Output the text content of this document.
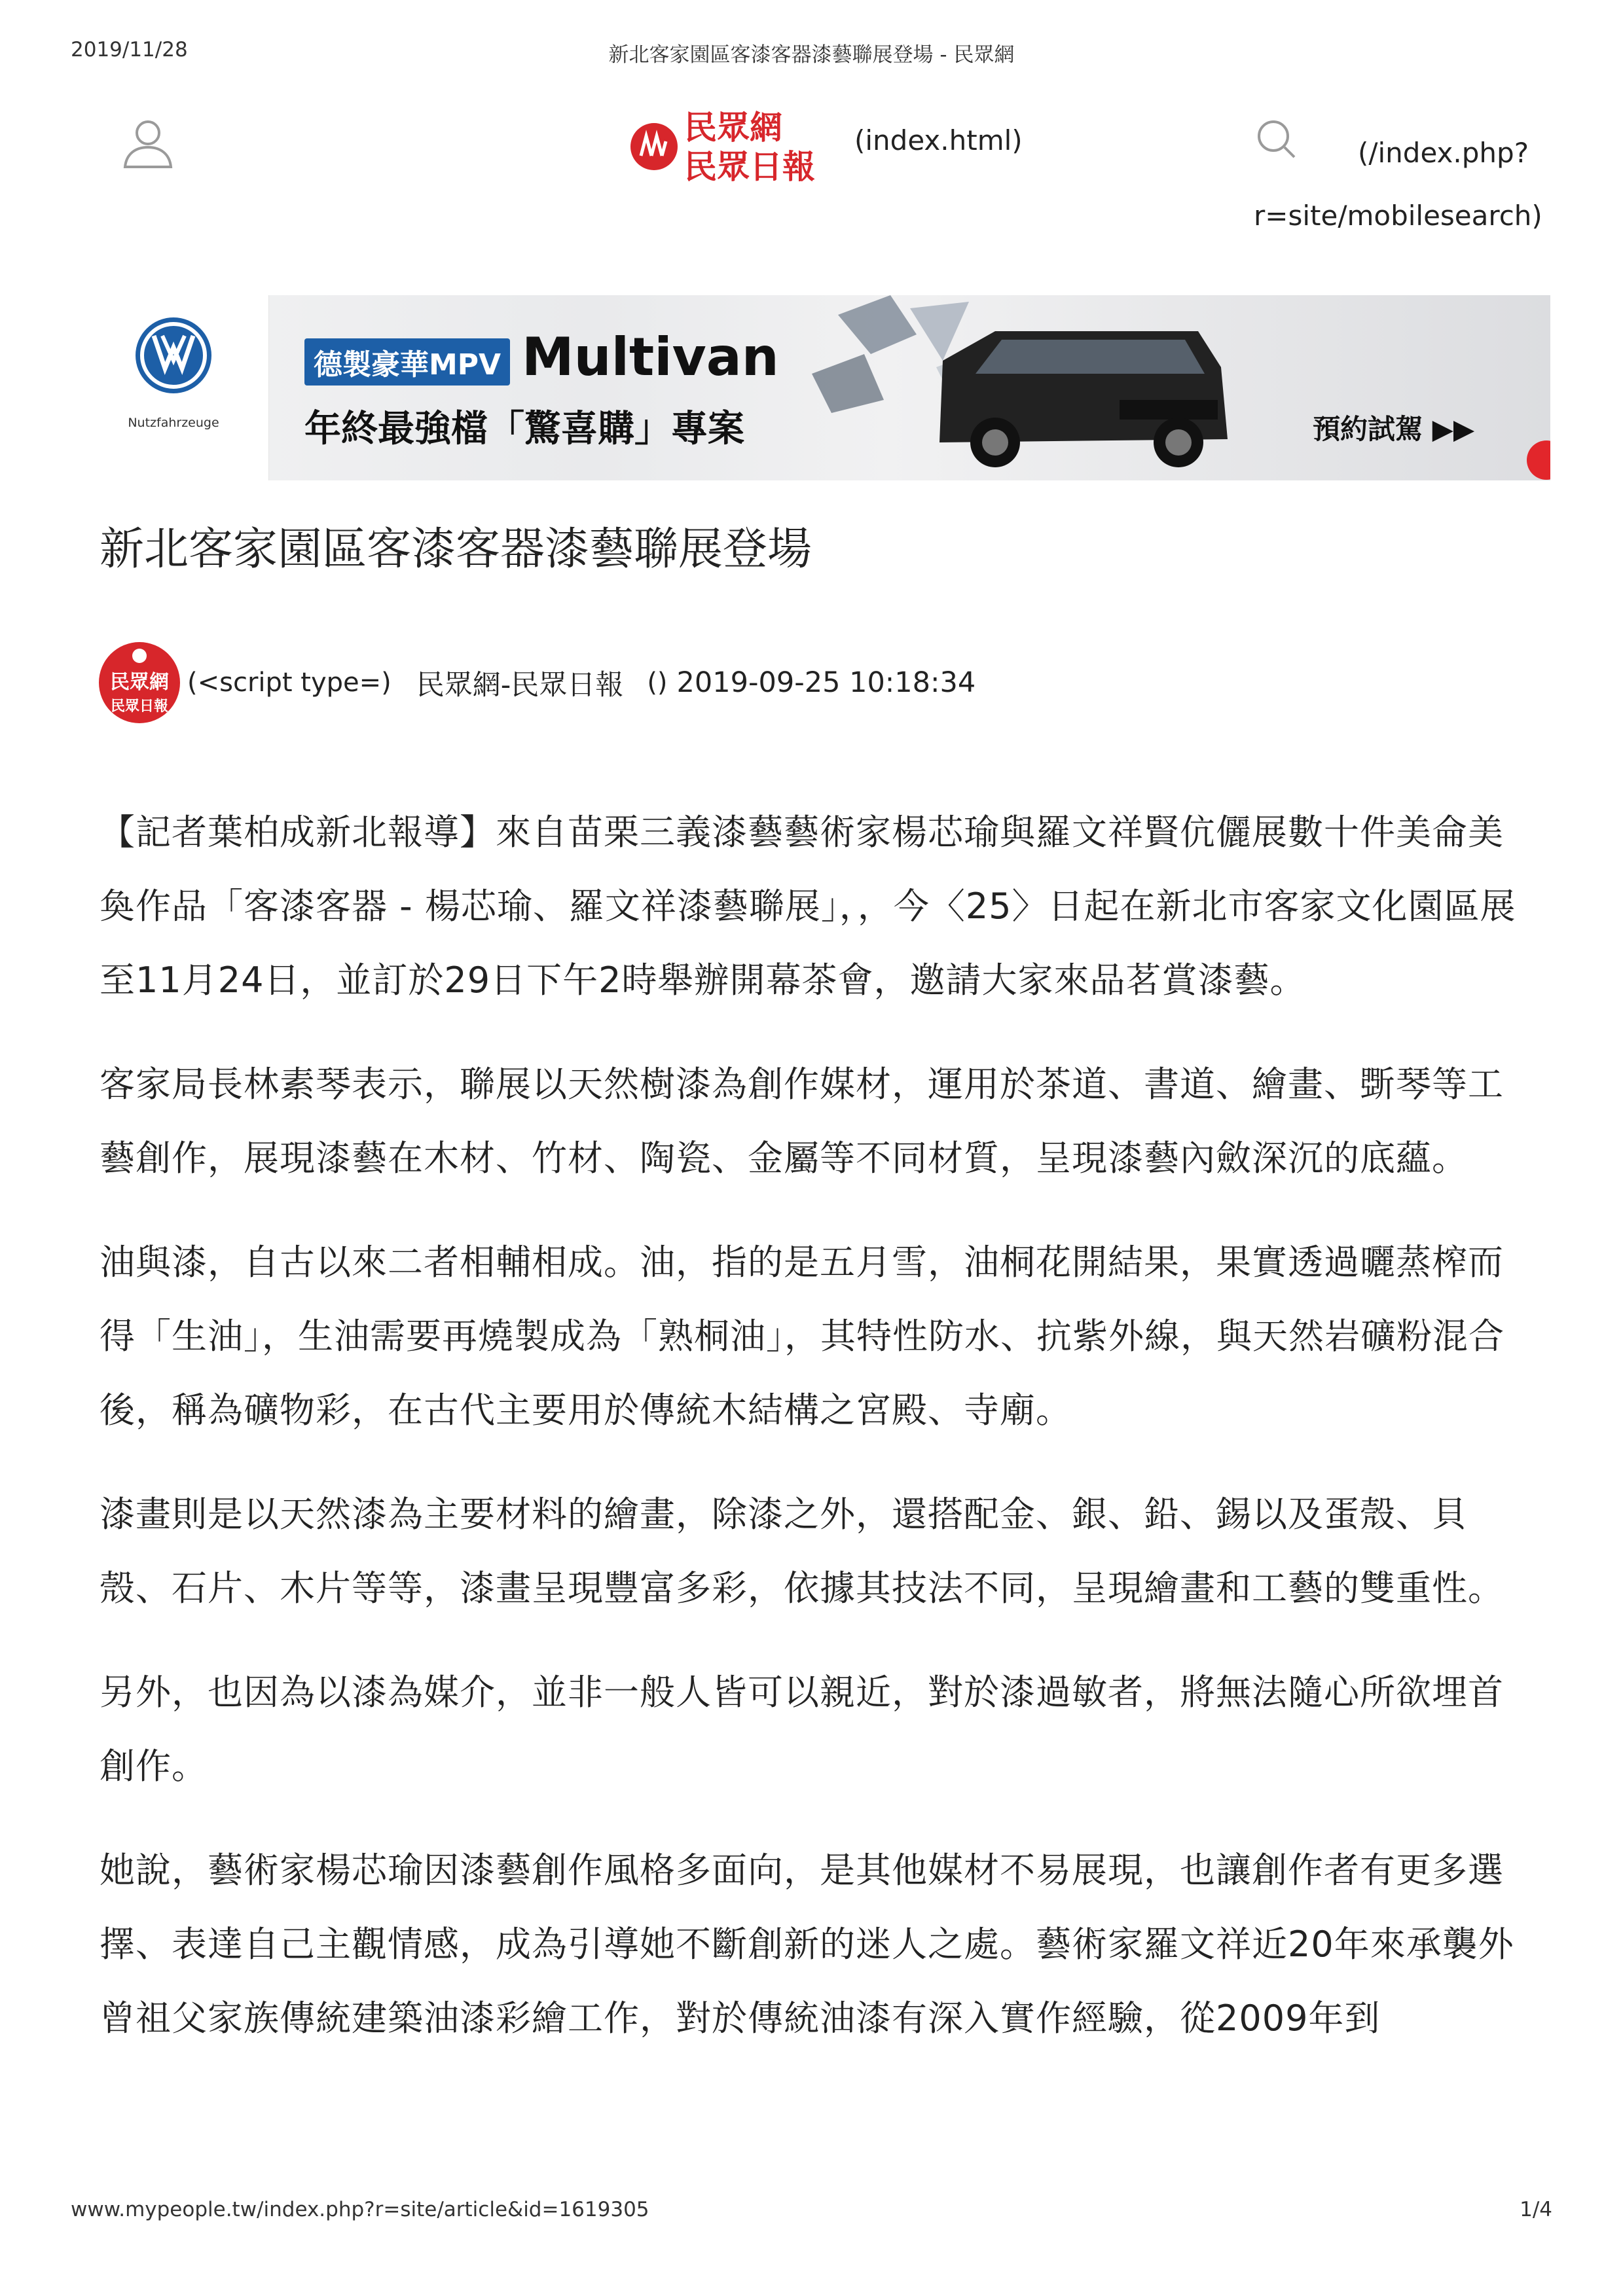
2019/11/28	新北客家園區客漆客器漆藝聯展登場 - 民眾網
民眾網
民眾日報
(index.html)	(/index.php?r=site/mobilesearch)
Nutzfahrzeuge
德製豪華MPV Multivan
年終最強檔「驚喜購」專案	預約試駕 ▶▶
新北客家園區客漆客器漆藝聯展登場
民眾網
民眾日報
(<script type=) 民眾網-民眾日報 () 2019-09-25 10:18:34

【記者葉柏成新北報導】來自苗栗三義漆藝藝術家楊芯瑜與羅文祥賢伉儷展數十件美侖美奐作品「客漆客器 - 楊芯瑜、羅文祥漆藝聯展」，，今〈25〉日起在新北市客家文化園區展至11月24日，並訂於29日下午2時舉辦開幕茶會，邀請大家來品茗賞漆藝。

客家局長林素琴表示，聯展以天然樹漆為創作媒材，運用於茶道、書道、繪畫、斲琴等工藝創作，展現漆藝在木材、竹材、陶瓷、金屬等不同材質，呈現漆藝內斂深沉的底蘊。

油與漆，自古以來二者相輔相成。油，指的是五月雪，油桐花開結果，果實透過曬蒸榨而得「生油」，生油需要再燒製成為「熟桐油」，其特性防水、抗紫外線，與天然岩礦粉混合後，稱為礦物彩，在古代主要用於傳統木結構之宮殿、寺廟。

漆畫則是以天然漆為主要材料的繪畫，除漆之外，還搭配金、銀、鉛、錫以及蛋殼、貝殼、石片、木片等等，漆畫呈現豐富多彩，依據其技法不同，呈現繪畫和工藝的雙重性。

另外，也因為以漆為媒介，並非一般人皆可以親近，對於漆過敏者，將無法隨心所欲埋首創作。

她說，藝術家楊芯瑜因漆藝創作風格多面向，是其他媒材不易展現，也讓創作者有更多選擇、表達自己主觀情感，成為引導她不斷創新的迷人之處。藝術家羅文祥近20年來承襲外曾祖父家族傳統建築油漆彩繪工作，對於傳統油漆有深入實作經驗，從2009年到

www.mypeople.tw/index.php?r=site/article&id=1619305	1/4
